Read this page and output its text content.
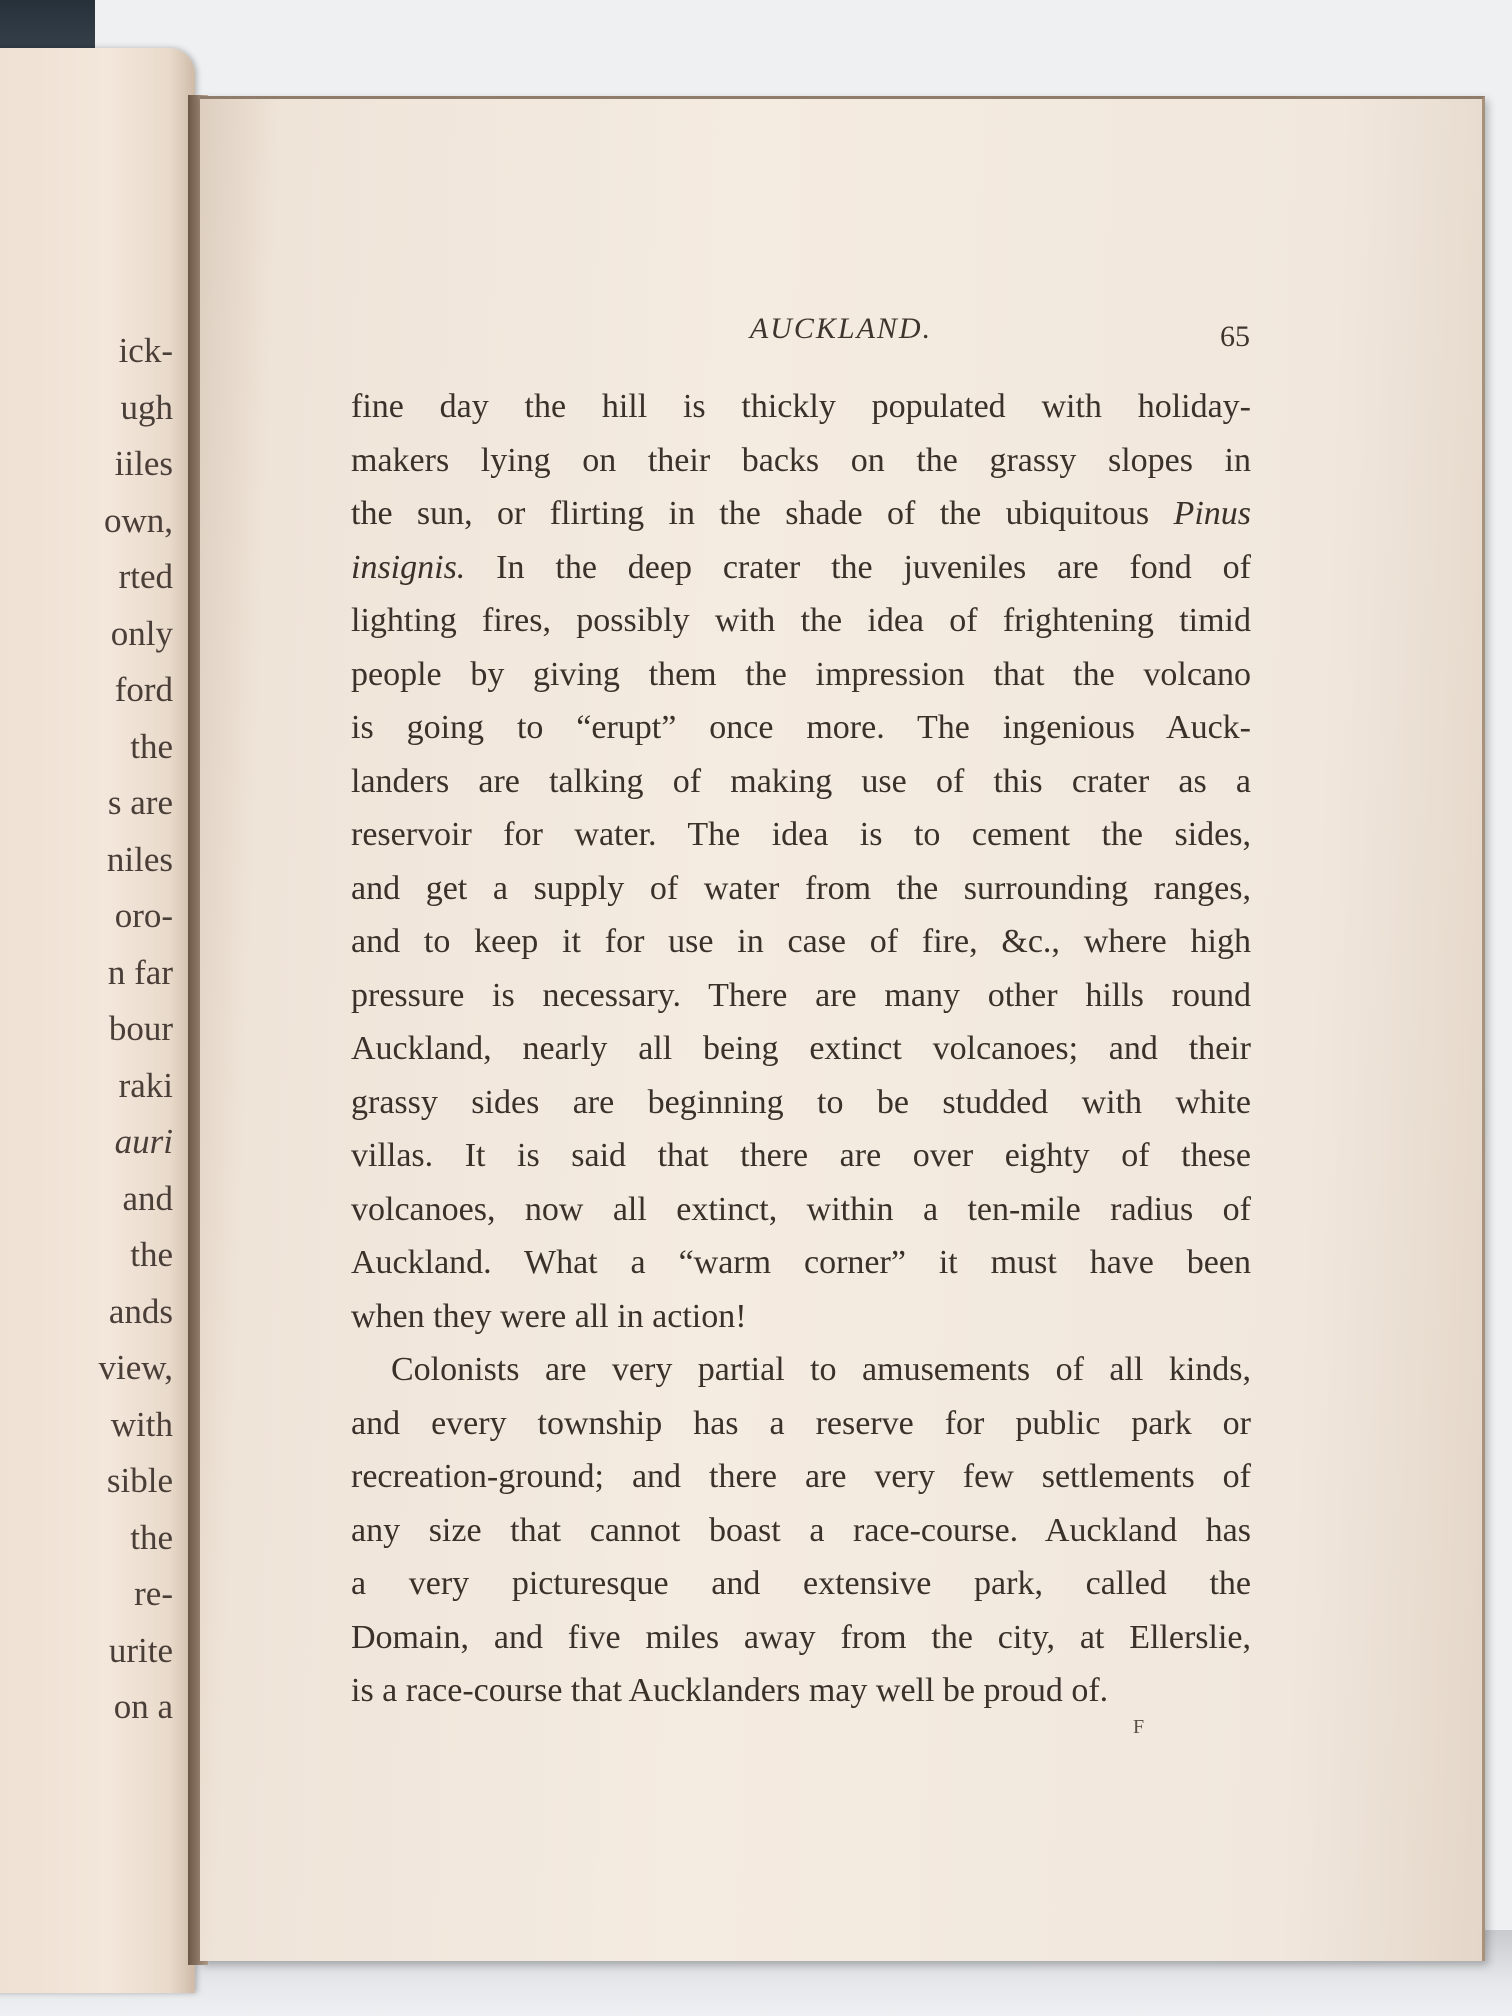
ick-

ugh

iiles

own,

rted

only

ford

the

s are

niles

oro-

n far

bour

raki

auri

and

the

ands

view,

with

sible

the

re-

urite

on a

AUCKLAND.	65

F

fine day the hill is thickly populated with holiday-

makers lying on their backs on the grassy slopes in

the sun, or flirting in the shade of the ubiquitous Pinus

insignis. In the deep crater the juveniles are fond of

lighting fires, possibly with the idea of frightening timid

people by giving them the impression that the volcano

is going to “erupt” once more. The ingenious Auck-

landers are talking of making use of this crater as a

reservoir for water. The idea is to cement the sides,

and get a supply of water from the surrounding ranges,

and to keep it for use in case of fire, &c., where high

pressure is necessary. There are many other hills round

Auckland, nearly all being extinct volcanoes; and their

grassy sides are beginning to be studded with white

villas. It is said that there are over eighty of these

volcanoes, now all extinct, within a ten-mile radius of

Auckland. What a “warm corner” it must have been

when they were all in action!

Colonists are very partial to amusements of all kinds,

and every township has a reserve for public park or

recreation-ground; and there are very few settlements of

any size that cannot boast a race-course. Auckland has

a very picturesque and extensive park, called the

Domain, and five miles away from the city, at Ellerslie,

is a race-course that Aucklanders may well be proud of.
